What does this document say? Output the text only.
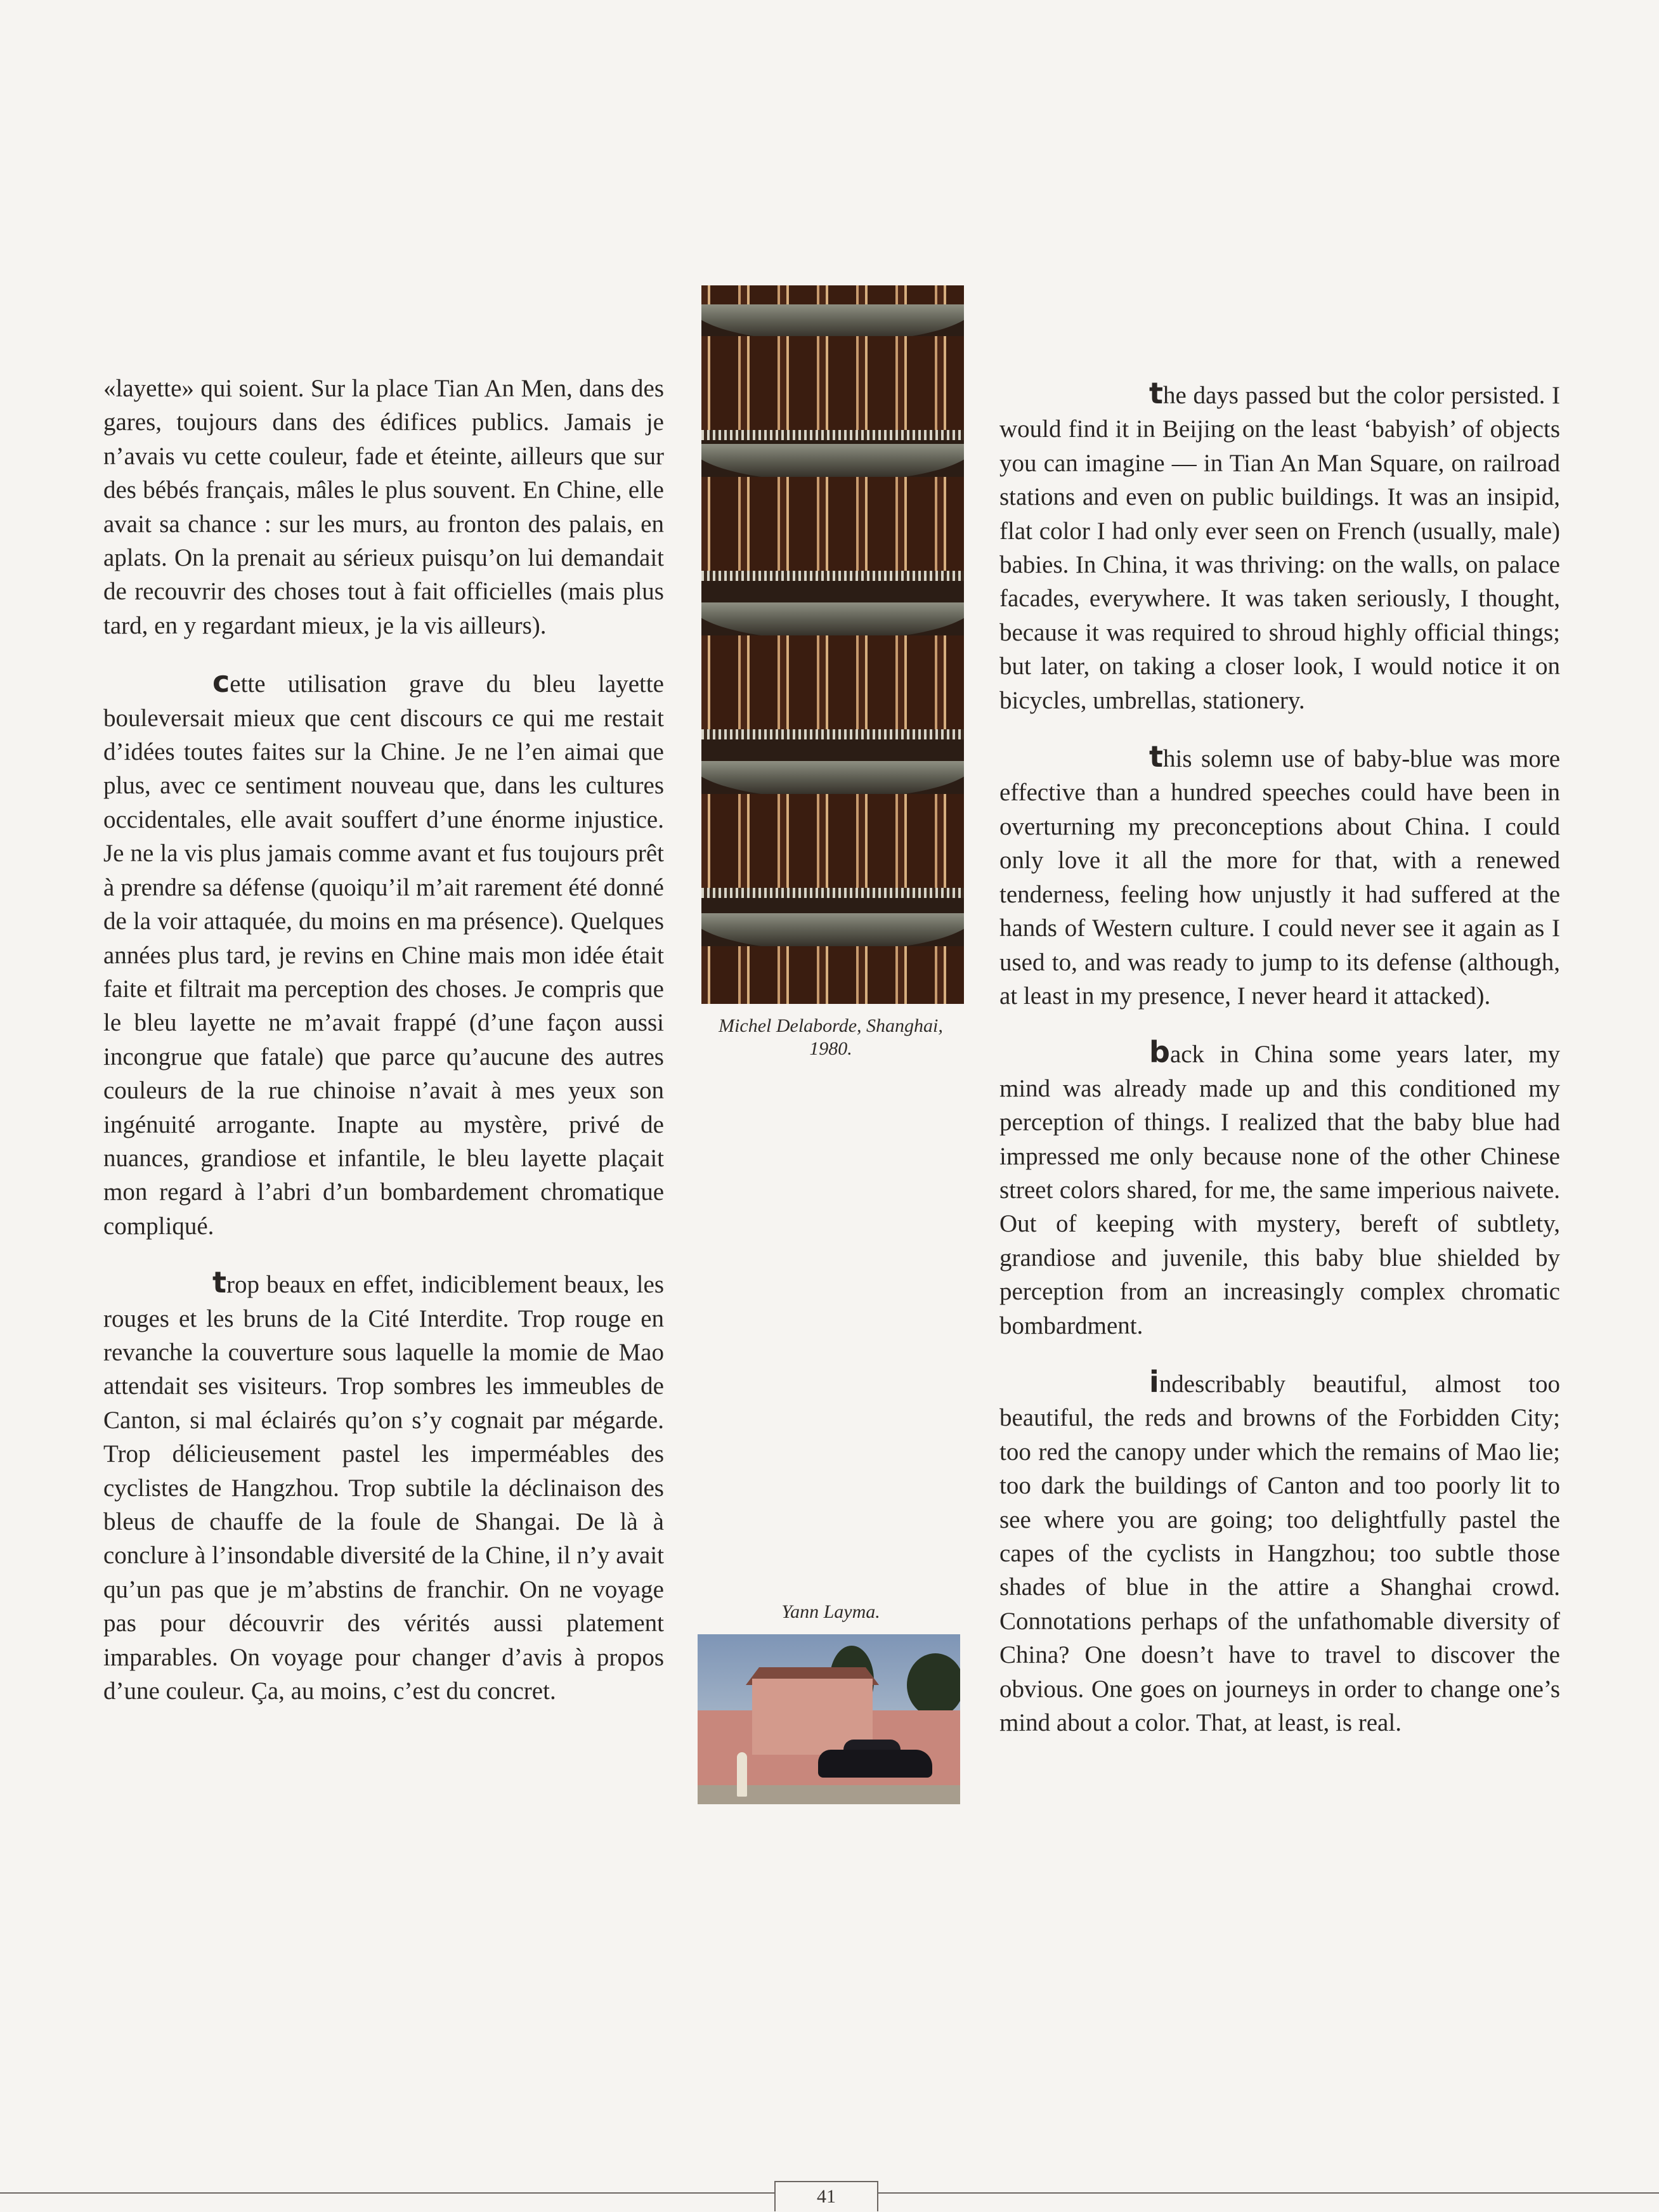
«layette» qui soient. Sur la place Tian An Men, dans des gares, toujours dans des édifices publics. Jamais je n’avais vu cette couleur, fade et éteinte, ailleurs que sur des bébés français, mâles le plus souvent. En Chine, elle avait sa chance : sur les murs, au fronton des palais, en aplats. On la prenait au sérieux puisqu’on lui demandait de recouvrir des choses tout à fait officielles (mais plus tard, en y regardant mieux, je la vis ailleurs).

cette utilisation grave du bleu layette bouleversait mieux que cent discours ce qui me restait d’idées toutes faites sur la Chine. Je ne l’en aimai que plus, avec ce sentiment nouveau que, dans les cultures occidentales, elle avait souffert d’une énorme injustice. Je ne la vis plus jamais comme avant et fus toujours prêt à prendre sa défense (quoiqu’il m’ait rarement été donné de la voir attaquée, du moins en ma présence). Quelques années plus tard, je revins en Chine mais mon idée était faite et filtrait ma perception des choses. Je compris que le bleu layette ne m’avait frappé (d’une façon aussi incongrue que fatale) que parce qu’aucune des autres couleurs de la rue chinoise n’avait à mes yeux son ingénuité arrogante. Inapte au mystère, privé de nuances, grandiose et infantile, le bleu layette plaçait mon regard à l’abri d’un bombardement chromatique compliqué.

trop beaux en effet, indiciblement beaux, les rouges et les bruns de la Cité Interdite. Trop rouge en revanche la couverture sous laquelle la momie de Mao attendait ses visiteurs. Trop sombres les immeubles de Canton, si mal éclairés qu’on s’y cognait par mégarde. Trop délicieusement pastel les imperméables des cyclistes de Hangzhou. Trop subtile la déclinaison des bleus de chauffe de la foule de Shangai. De là à conclure à l’insondable diversité de la Chine, il n’y avait qu’un pas que je m’abstins de franchir. On ne voyage pas pour découvrir des vérités aussi platement imparables. On voyage pour changer d’avis à propos d’une couleur. Ça, au moins, c’est du concret.

Michel Delaborde, Shanghai,
1980.
Yann Layma.

the days passed but the color persisted. I would find it in Beijing on the least ‘babyish’ of objects you can imagine — in Tian An Man Square, on railroad stations and even on public buildings. It was an insipid, flat color I had only ever seen on French (usually, male) babies. In China, it was thriving: on the walls, on palace facades, everywhere. It was taken seriously, I thought, because it was required to shroud highly official things; but later, on taking a closer look, I would notice it on bicycles, umbrellas, stationery.

this solemn use of baby-blue was more effective than a hundred speeches could have been in overturning my preconceptions about China. I could only love it all the more for that, with a renewed tenderness, feeling how unjustly it had suffered at the hands of Western culture. I could never see it again as I used to, and was ready to jump to its defense (although, at least in my presence, I never heard it attacked).

back in China some years later, my mind was already made up and this conditioned my perception of things. I realized that the baby blue had impressed me only because none of the other Chinese street colors shared, for me, the same imperious naivete. Out of keeping with mystery, bereft of subtlety, grandiose and juvenile, this baby blue shielded by perception from an increasingly complex chromatic bombardment.

indescribably beautiful, almost too beautiful, the reds and browns of the Forbidden City; too red the canopy under which the remains of Mao lie; too dark the buildings of Canton and too poorly lit to see where you are going; too delightfully pastel the capes of the cyclists in Hangzhou; too subtle those shades of blue in the attire a Shanghai crowd. Connotations perhaps of the unfathomable diversity of China? One doesn’t have to travel to discover the obvious. One goes on journeys in order to change one’s mind about a color. That, at least, is real.

41
